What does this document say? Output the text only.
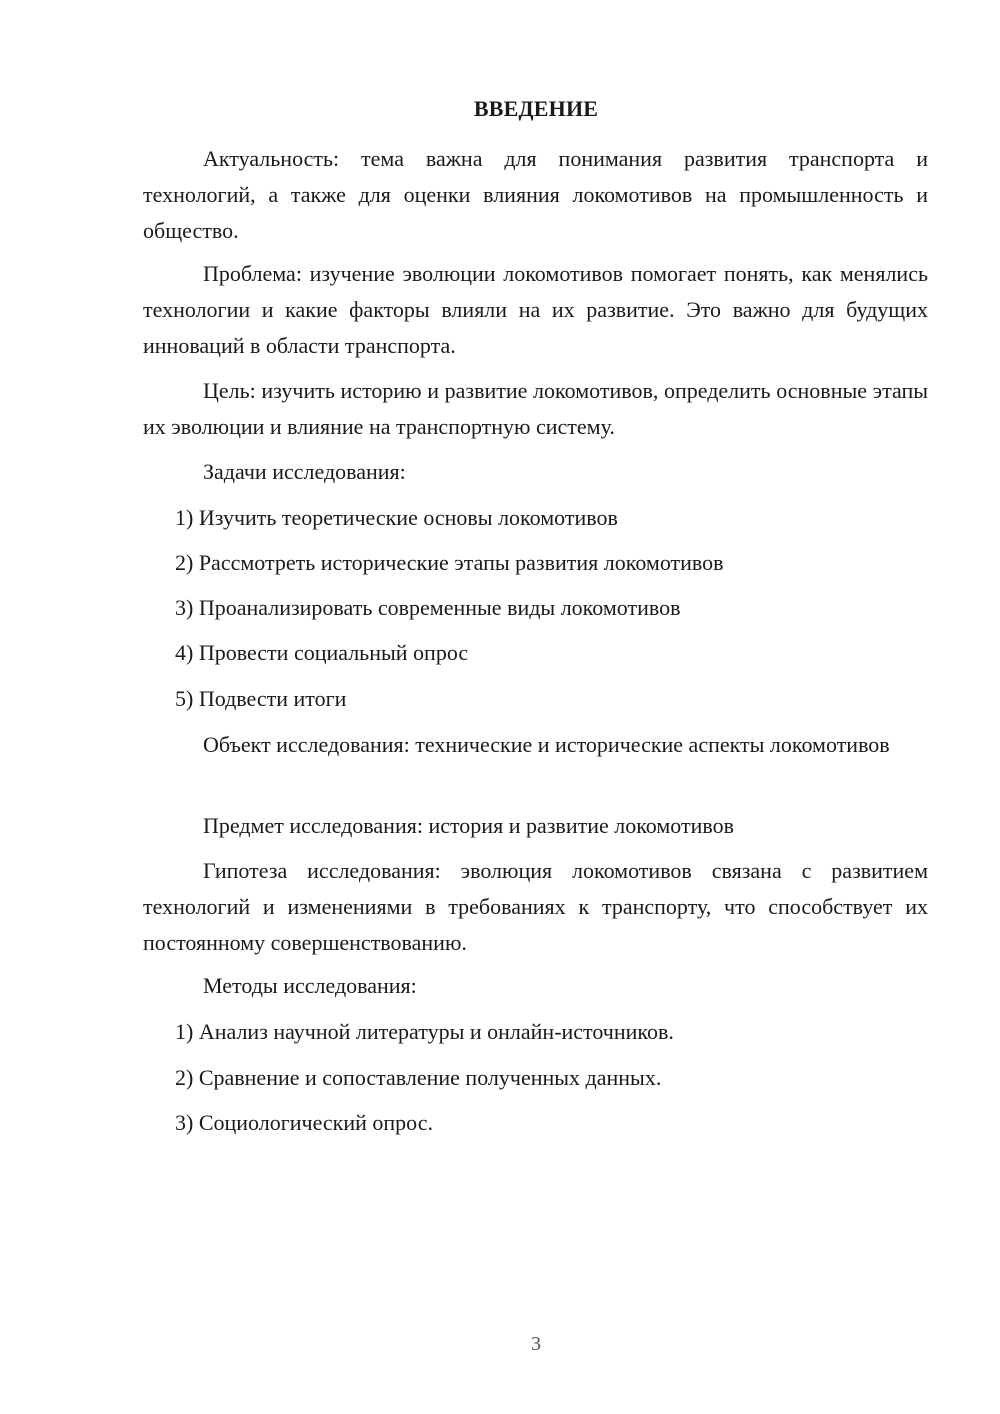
ВВЕДЕНИЕ
Актуальность: тема важна для понимания развития транспорта и технологий, а также для оценки влияния локомотивов на промышленность и общество.
Проблема: изучение эволюции локомотивов помогает понять, как менялись технологии и какие факторы влияли на их развитие. Это важно для будущих инноваций в области транспорта.
Цель: изучить историю и развитие локомотивов, определить основные этапы их эволюции и влияние на транспортную систему.
Задачи исследования:
1) Изучить теоретические основы локомотивов
2) Рассмотреть исторические этапы развития локомотивов
3) Проанализировать современные виды локомотивов
4) Провести социальный опрос
5) Подвести итоги
Объект исследования: технические и исторические аспекты локомотивов
Предмет исследования: история и развитие локомотивов
Гипотеза исследования: эволюция локомотивов связана с развитием технологий и изменениями в требованиях к транспорту, что способствует их постоянному совершенствованию.
Методы исследования:
1) Анализ научной литературы и онлайн-источников.
2) Сравнение и сопоставление полученных данных.
3) Социологический опрос.
3
